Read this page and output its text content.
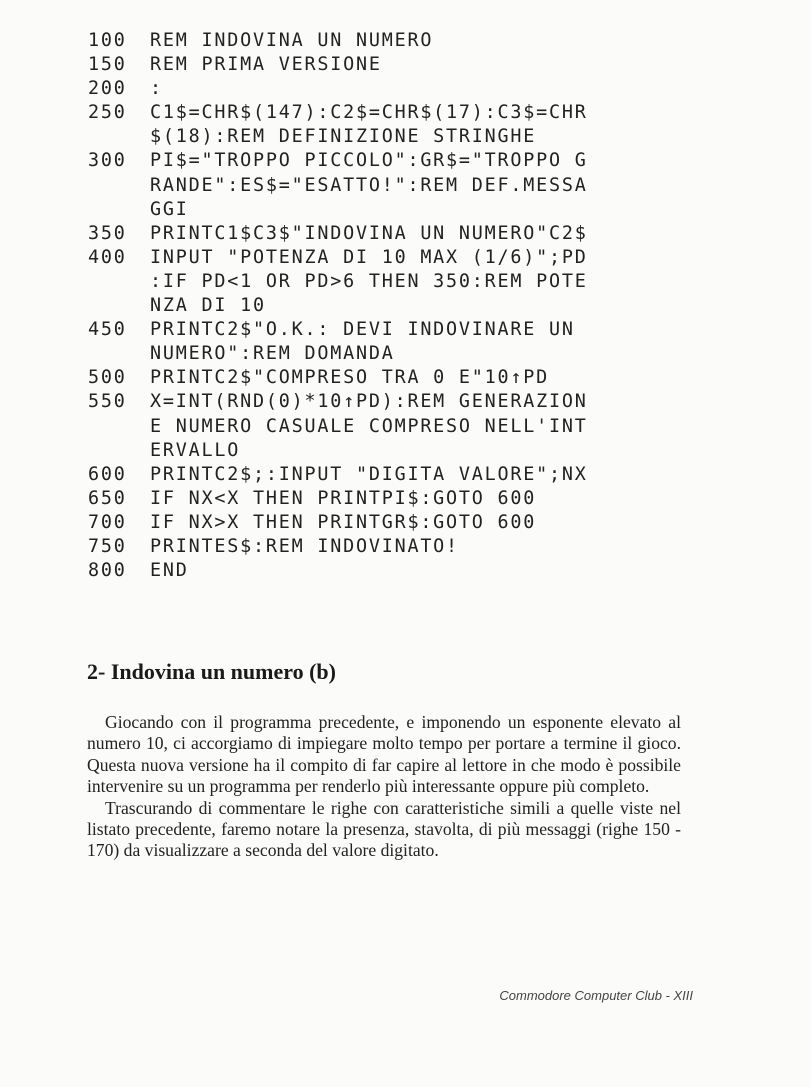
100 REM INDOVINA UN NUMERO
150 REM PRIMA VERSIONE
200 :
250 C1$=CHR$(147):C2$=CHR$(17):C3$=CHR
$(18):REM DEFINIZIONE STRINGHE
300 PI$="TROPPO PICCOLO":GR$="TROPPO G
RANDE":ES$="ESATTO!":REM DEF.MESSA
GGI
350 PRINTC1$C3$"INDOVINA UN NUMERO"C2$
400 INPUT "POTENZA DI 10 MAX (1/6)";PD
:IF PD<1 OR PD>6 THEN 350:REM POTE
NZA DI 10
450 PRINTC2$"O.K.: DEVI INDOVINARE UN
NUMERO":REM DOMANDA
500 PRINTC2$"COMPRESO TRA 0 E"10↑PD
550 X=INT(RND(0)*10↑PD):REM GENERAZION
E NUMERO CASUALE COMPRESO NELL'INT
ERVALLO
600 PRINTC2$;:INPUT "DIGITA VALORE";NX
650 IF NX<X THEN PRINTPI$:GOTO 600
700 IF NX>X THEN PRINTGR$:GOTO 600
750 PRINTES$:REM INDOVINATO!
800 END
2- Indovina un numero (b)

Giocando con il programma precedente, e imponendo un esponente elevato al numero 10, ci accorgiamo di impiegare molto tempo per portare a termine il gioco. Questa nuova versione ha il compito di far capire al lettore in che modo è possibile intervenire su un programma per renderlo più interessante oppure più completo.

Trascurando di commentare le righe con caratteristiche simili a quelle viste nel listato precedente, faremo notare la presenza, stavolta, di più messaggi (righe 150 - 170) da visualizzare a seconda del valore digitato.

Commodore Computer Club - XIII
